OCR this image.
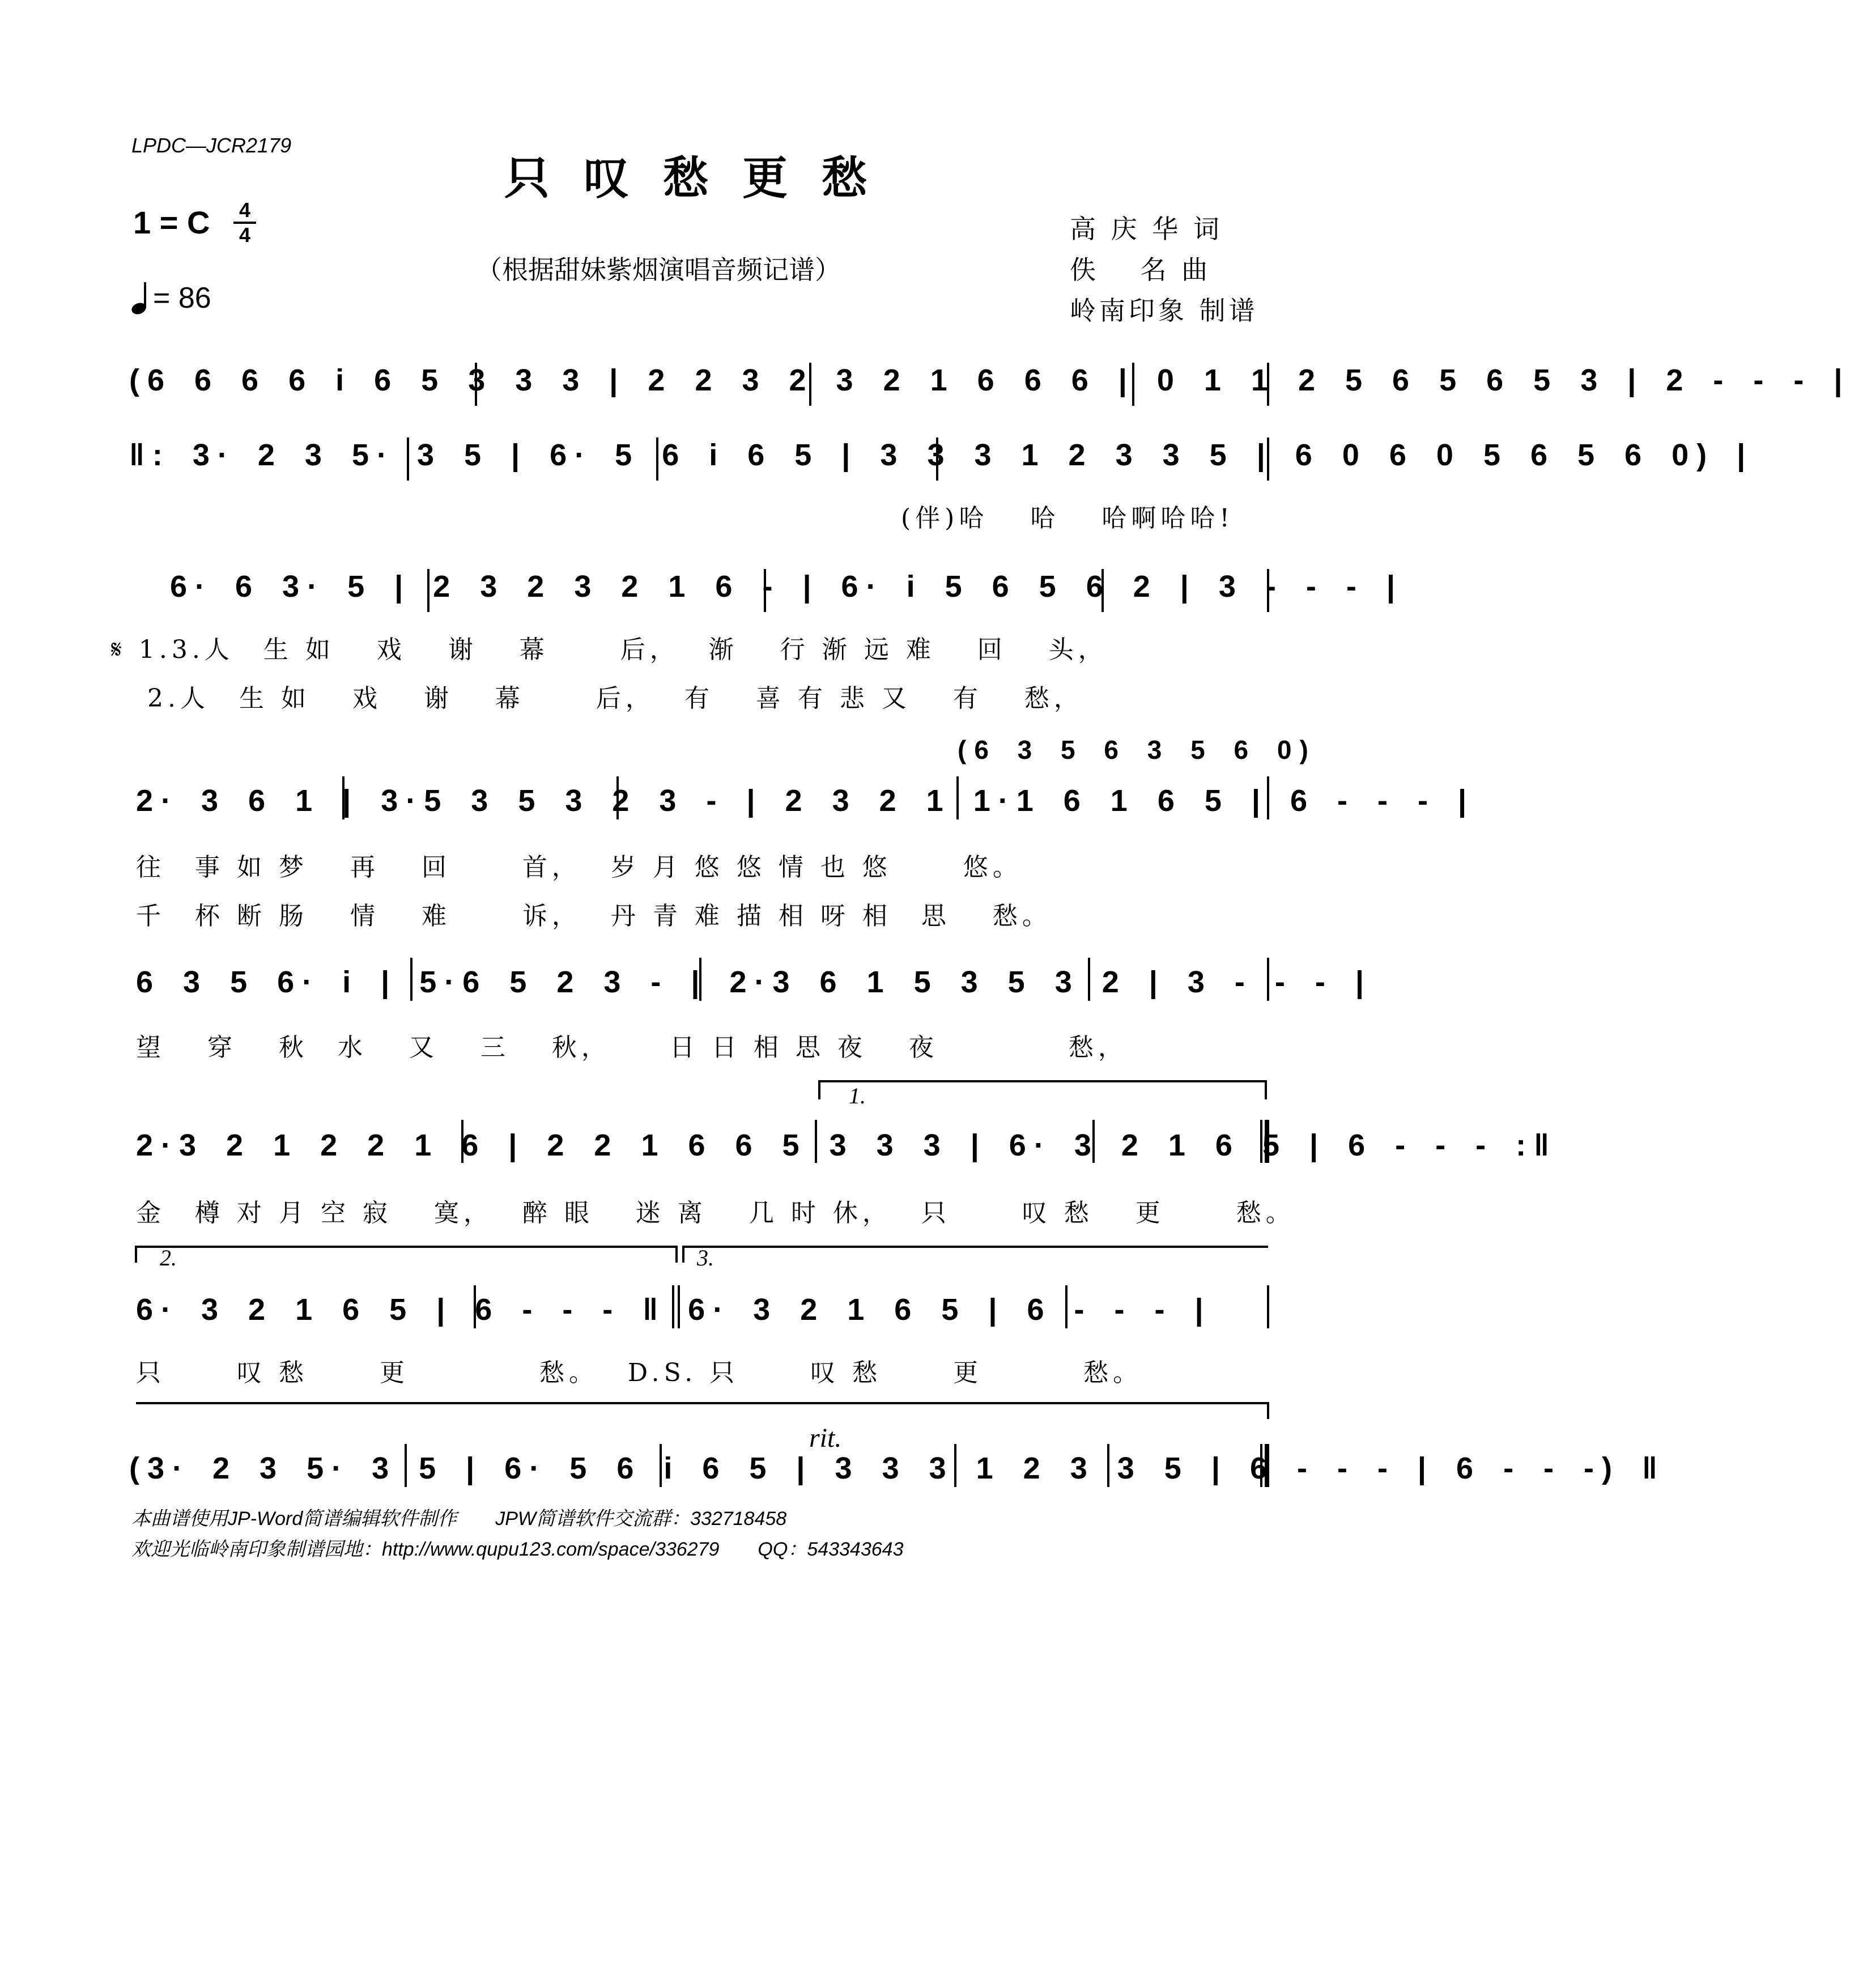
LPDC—JCR2179
只叹愁更愁
1 = C 4
4
= 86
（根据甜妹紫烟演唱音频记谱）
高 庆 华 词
佚　 名 曲
岭南印象 制谱
(6 6 6 6 i 6 5 3 3 3 | 2 2 3 2 3 2 1 6 6 6 | 0 1 1 2 5 6 5 6 5 3 | 2 - - - |
‖: 3· 2 3 5· 3 5 | 6· 5 6 i 6 5 | 3 3 3 1 2 3 3 5 | 6 0 6 0 5 6 5 6 0) |
(伴)哈　 哈　 哈啊哈哈!
6· 6 3· 5 | 2 3 2 3 2 1 6 - | 6· i 5 6 5 6 2 | 3 - - - |
𝄋 1.3.人　生 如　 戏　 谢　 幕　　 后，　 渐　 行 渐 远 难　 回　 头，
2.人　生 如　 戏　 谢　 幕　　 后，　 有　 喜 有 悲 又　 有　 愁，
(6 3 5 6 3 5 6 0)
2· 3 6 1 | 3·5 3 5 3 2 3 - | 2 3 2 1 1·1 6 1 6 5 | 6 - - - |
往　事 如 梦　 再　 回　　 首，　 岁 月 悠 悠 情 也 悠　　 悠。
千　杯 断 肠　 情　 难　　 诉，　 丹 青 难 描 相 呀 相　思　 愁。
6 3 5 6· i | 5·6 5 2 3 - | 2·3 6 1 5 3 5 3 2 | 3 - - - |
望　 穿　 秋　水　 又　 三　 秋，　　 日 日 相 思 夜　 夜　　　　 愁，
1.
2·3 2 1 2 2 1 6 | 2 2 1 6 6 5 3 3 3 | 6· 3 2 1 6 5 | 6 - - - :‖
金　樽 对 月 空 寂　 寞，　 醉 眼　 迷 离　 几 时 休，　 只　　 叹 愁　 更　　 愁。
2.	3.
6· 3 2 1 6 5 | 6 - - - ‖ 6· 3 2 1 6 5 | 6 - - - |
只　　 叹 愁　　 更　　　　 愁。　 D.S. 只　　 叹 愁　　 更　　　 愁。
rit.
(3· 2 3 5· 3 5 | 6· 5 6 i 6 5 | 3 3 3 1 2 3 3 5 | 6 - - - | 6 - - -) ‖
本曲谱使用JP-Word简谱编辑软件制作　　JPW简谱软件交流群：332718458
欢迎光临岭南印象制谱园地：http://www.qupu123.com/space/336279　　QQ：543343643
